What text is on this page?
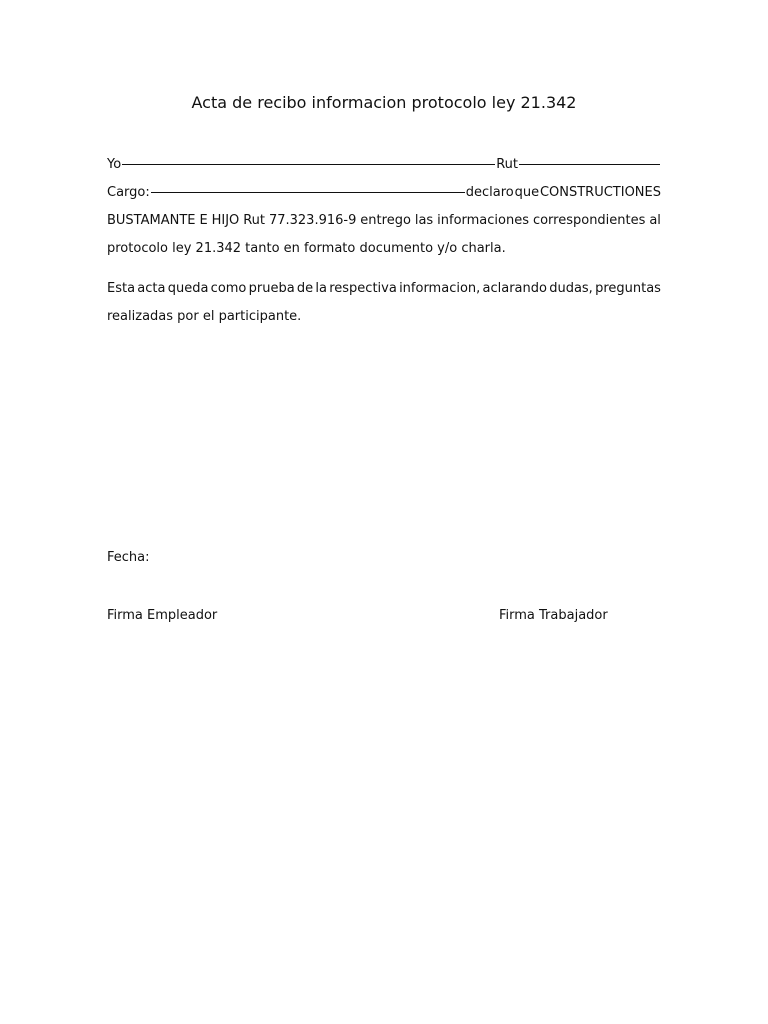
Acta de recibo informacion protocolo ley 21.342
Yo	Rut
Cargo:	declaro que CONSTRUCTIONES
BUSTAMANTE E HIJO Rut 77.323.916-9 entrego las informaciones correspondientes al
protocolo ley 21.342 tanto en formato documento y/o charla.
Esta acta queda como prueba de la respectiva informacion, aclarando dudas, preguntas
realizadas por el participante.
Fecha:
Firma Empleador	Firma Trabajador
